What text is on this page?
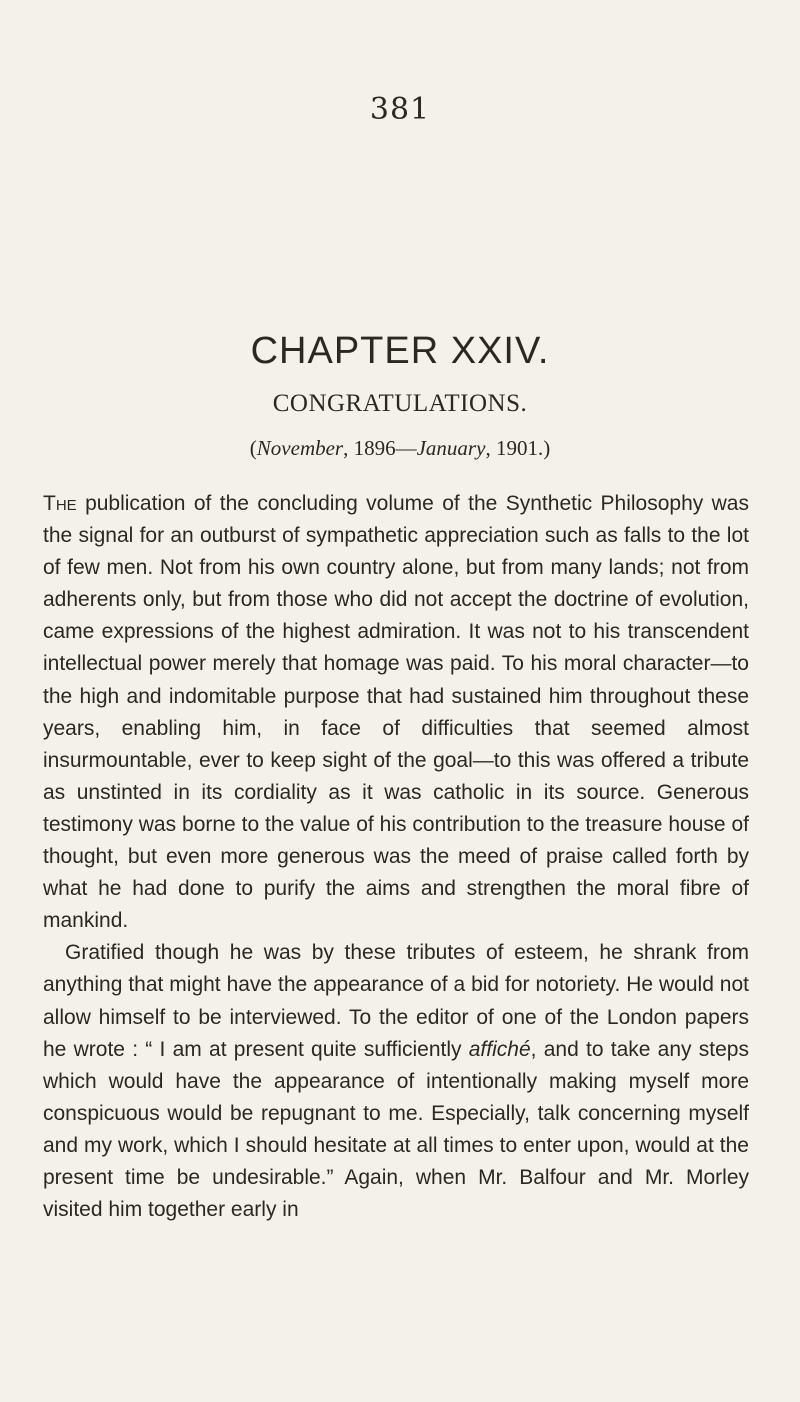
381
CHAPTER XXIV.
CONGRATULATIONS.
(November, 1896—January, 1901.)

The publication of the concluding volume of the Synthetic Philosophy was the signal for an outburst of sympathetic appreciation such as falls to the lot of few men. Not from his own country alone, but from many lands; not from adherents only, but from those who did not accept the doctrine of evolution, came expressions of the highest admiration. It was not to his transcendent intellectual power merely that homage was paid. To his moral character—to the high and indomitable purpose that had sustained him throughout these years, enabling him, in face of difficulties that seemed almost insurmountable, ever to keep sight of the goal—to this was offered a tribute as unstinted in its cordiality as it was catholic in its source. Generous testimony was borne to the value of his contribution to the treasure house of thought, but even more generous was the meed of praise called forth by what he had done to purify the aims and strengthen the moral fibre of mankind.

Gratified though he was by these tributes of esteem, he shrank from anything that might have the appearance of a bid for notoriety. He would not allow himself to be interviewed. To the editor of one of the London papers he wrote : “ I am at present quite sufficiently affiché, and to take any steps which would have the appearance of intentionally making myself more conspicuous would be repugnant to me. Especially, talk concerning myself and my work, which I should hesitate at all times to enter upon, would at the present time be undesirable.” Again, when Mr. Balfour and Mr. Morley visited him together early in
